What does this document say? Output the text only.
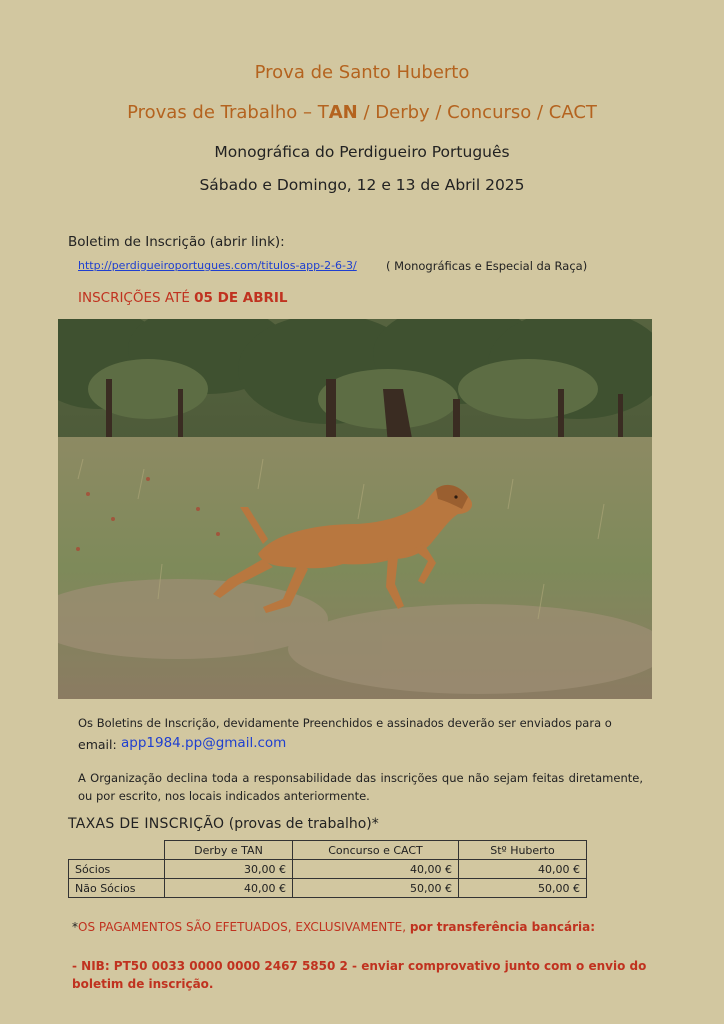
Prova de Santo Huberto
Provas de Trabalho – TAN / Derby / Concurso / CACT
Monográfica do Perdigueiro Português
Sábado e Domingo, 12 e 13 de Abril 2025
Boletim de Inscrição (abrir link):
http://perdigueiroportugues.com/titulos-app-2-6-3/	( Monográficas e Especial da Raça)
INSCRIÇÕES ATÉ 05 DE ABRIL
Os Boletins de Inscrição, devidamente Preenchidos e assinados deverão ser enviados para o
email: app1984.pp@gmail.com
A Organização declina toda a responsabilidade das inscrições que não sejam feitas diretamente, ou por escrito, nos locais indicados anteriormente.
TAXAS DE INSCRIÇÃO (provas de trabalho)*
	Derby e TAN	Concurso e CACT	Stº Huberto
Sócios	30,00 €	40,00 €	40,00 €
Não Sócios	40,00 €	50,00 €	50,00 €
*OS PAGAMENTOS SÃO EFETUADOS, EXCLUSIVAMENTE, por transferência bancária:
- NIB: PT50 0033 0000 0000 2467 5850 2 - enviar comprovativo junto com o envio do boletim de inscrição.
